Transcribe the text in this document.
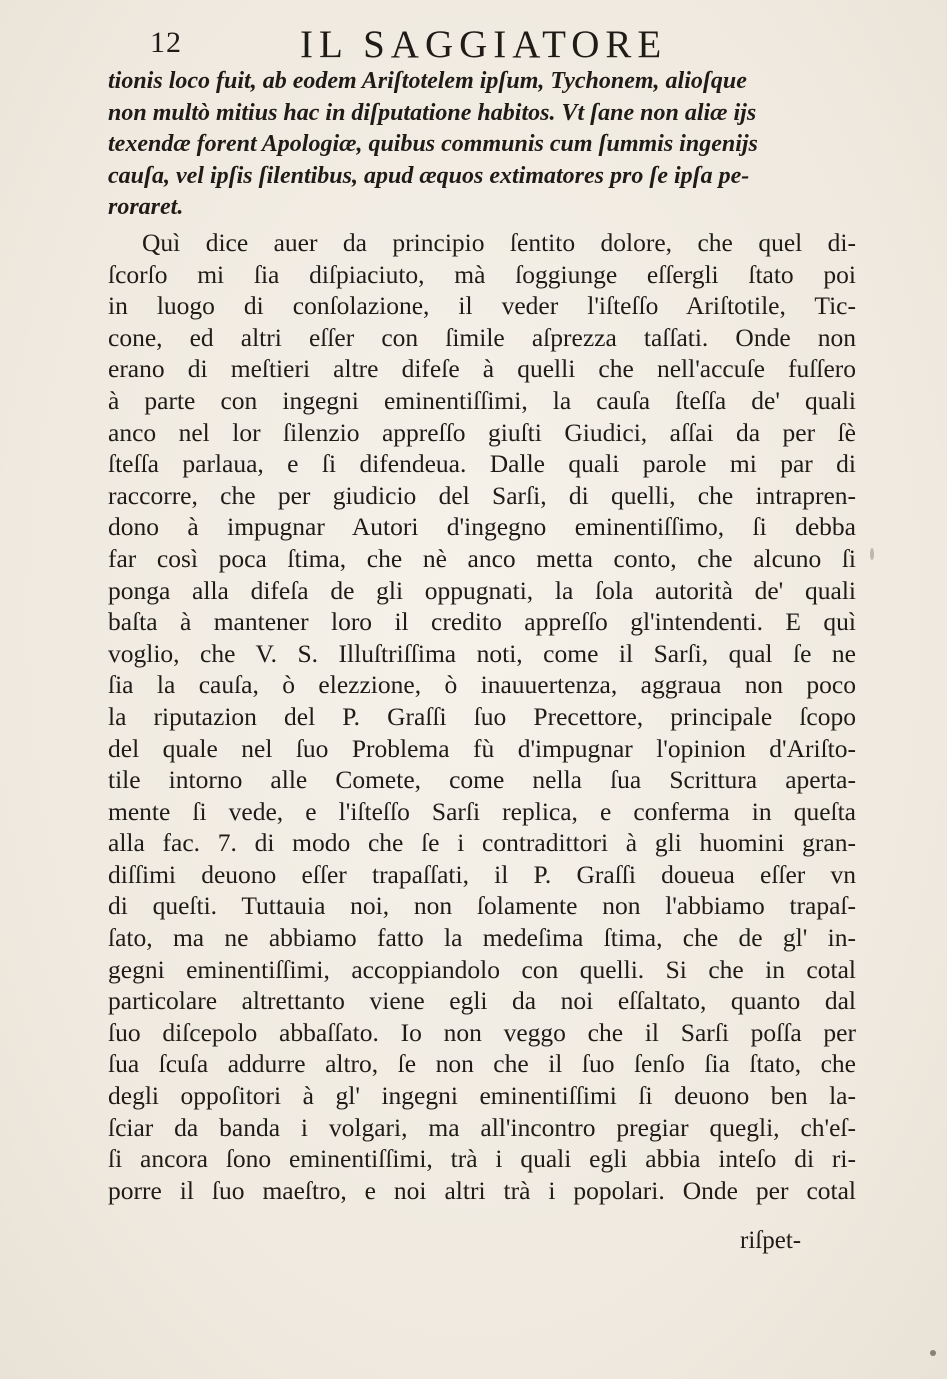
12	IL SAGGIATORE
tionis loco fuit, ab eodem Ariſtotelem ipſum, Tychonem, alioſque
non multò mitius hac in diſputatione habitos. Vt ſane non aliæ ijs
texendæ forent Apologiæ, quibus communis cum ſummis ingenijs
cauſa, vel ipſis ſilentibus, apud æquos extimatores pro ſe ipſa pe-
roraret.
Quì dice auer da principio ſentito dolore, che quel di-
ſcorſo mi ſia diſpiaciuto, mà ſoggiunge eſſergli ſtato poi
in luogo di conſolazione, il veder l'iſteſſo Ariſtotile, Tic-
cone, ed altri eſſer con ſimile aſprezza taſſati. Onde non
erano di meſtieri altre difeſe à quelli che nell'accuſe fuſſero
à parte con ingegni eminentiſſimi, la cauſa ſteſſa de' quali
anco nel lor ſilenzio appreſſo giuſti Giudici, aſſai da per ſè
ſteſſa parlaua, e ſi difendeua. Dalle quali parole mi par di
raccorre, che per giudicio del Sarſi, di quelli, che intrapren-
dono à impugnar Autori d'ingegno eminentiſſimo, ſi debba
far così poca ſtima, che nè anco metta conto, che alcuno ſi
ponga alla difeſa de gli oppugnati, la ſola autorità de' quali
baſta à mantener loro il credito appreſſo gl'intendenti. E quì
voglio, che V. S. Illuſtriſſima noti, come il Sarſi, qual ſe ne
ſia la cauſa, ò elezzione, ò inauuertenza, aggraua non poco
la riputazion del P. Graſſi ſuo Precettore, principale ſcopo
del quale nel ſuo Problema fù d'impugnar l'opinion d'Ariſto-
tile intorno alle Comete, come nella ſua Scrittura aperta-
mente ſi vede, e l'iſteſſo Sarſi replica, e conferma in queſta
alla fac. 7. di modo che ſe i contradittori à gli huomini gran-
diſſimi deuono eſſer trapaſſati, il P. Graſſi doueua eſſer vn
di queſti. Tuttauia noi, non ſolamente non l'abbiamo trapaſ-
ſato, ma ne abbiamo fatto la medeſima ſtima, che de gl' in-
gegni eminentiſſimi, accoppiandolo con quelli. Si che in cotal
particolare altrettanto viene egli da noi eſſaltato, quanto dal
ſuo diſcepolo abbaſſato. Io non veggo che il Sarſi poſſa per
ſua ſcuſa addurre altro, ſe non che il ſuo ſenſo ſia ſtato, che
degli oppoſitori à gl' ingegni eminentiſſimi ſi deuono ben la-
ſciar da banda i volgari, ma all'incontro pregiar quegli, ch'eſ-
ſi ancora ſono eminentiſſimi, trà i quali egli abbia inteſo di ri-
porre il ſuo maeſtro, e noi altri trà i popolari. Onde per cotal
riſpet-
